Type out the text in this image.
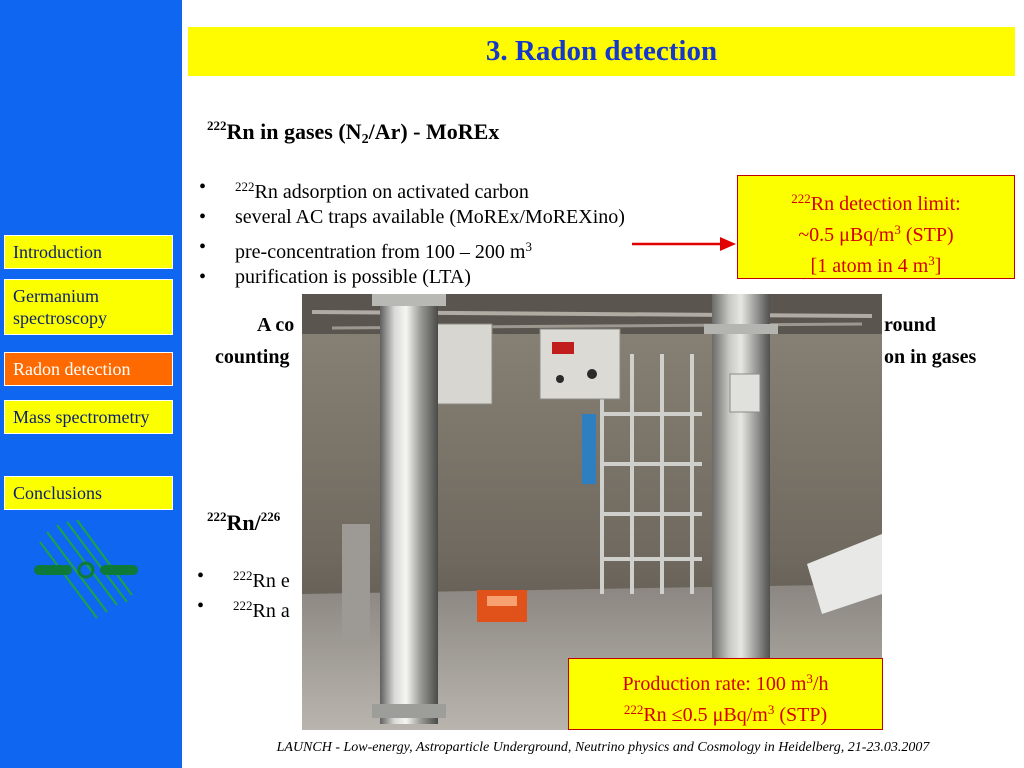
Introduction
Germanium spectroscopy
Radon detection
Mass spectrometry
Conclusions
3. Radon detection
$^{222}$Rn in gases $(N_2/Ar)$ - MoREx
• $^{222}$Rn adsorption on activated carbon
• several AC traps available (MoREx/MoREXino)
• pre-concentration from 100 – 200 $m^3$
• purification is possible (LTA)
$^{222}$Rn detection limit:
~0.5 μBq/$m^3$ (STP)
[1 atom in 4 $m^3$]
A co
counting
round
on in gases
$^{222}$Rn/$^{226}$
• $^{222}$Rn e
• $^{222}$Rn a
Production rate: 100 $m^3/h$
$^{222}$Rn ≤0.5 μBq/$m^3$ (STP)
LAUNCH - Low-energy, Astroparticle Underground, Neutrino physics and Cosmology in Heidelberg, 21-23.03.2007
